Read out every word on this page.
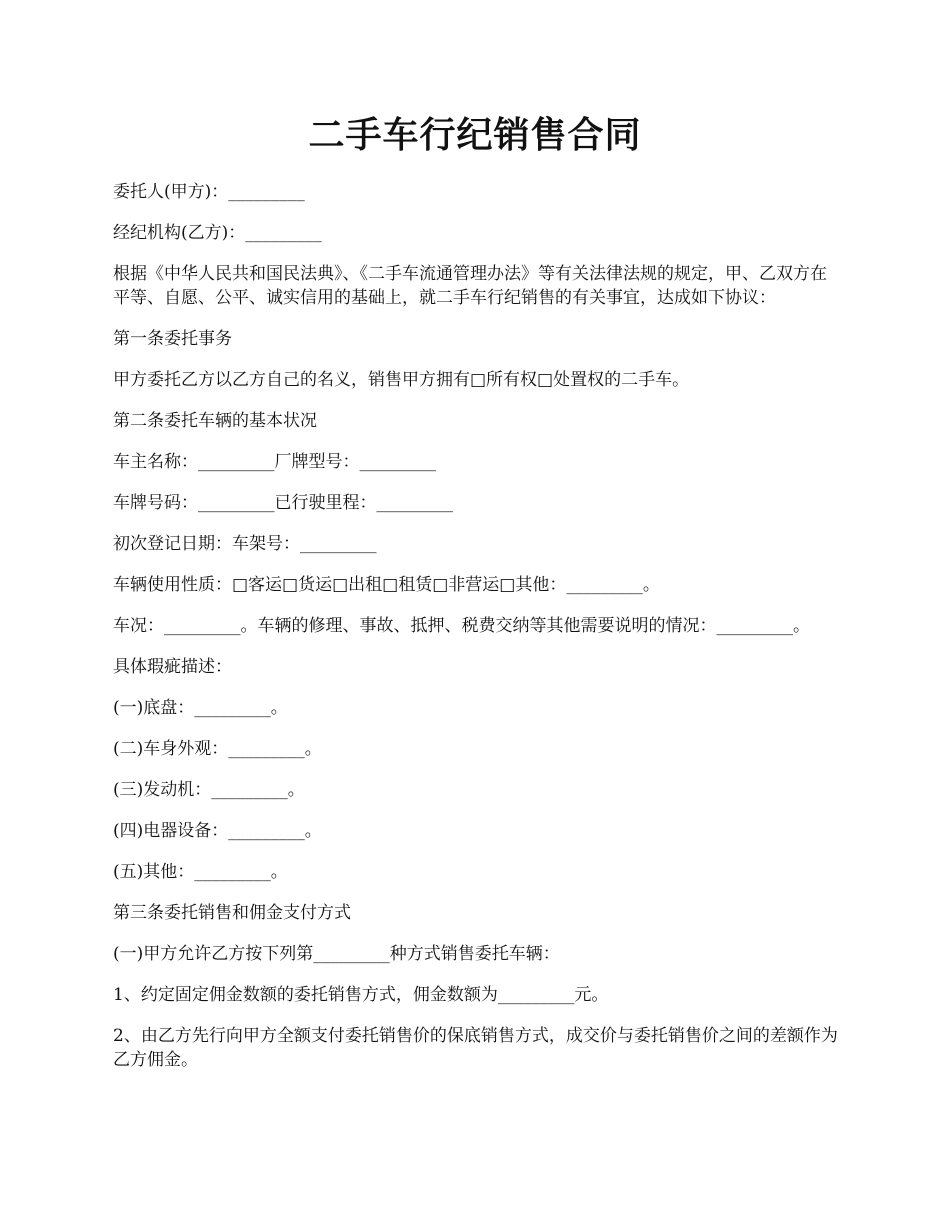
二手车行纪销售合同

委托人(甲方)：_________

经纪机构(乙方)：_________

根据《中华人民共和国民法典》、《二手车流通管理办法》等有关法律法规的规定，甲、乙双方在平等、自愿、公平、诚实信用的基础上，就二手车行纪销售的有关事宜，达成如下协议：

第一条委托事务

甲方委托乙方以乙方自己的名义，销售甲方拥有□所有权□处置权的二手车。

第二条委托车辆的基本状况

车主名称：_________厂牌型号：_________

车牌号码：_________已行驶里程：_________

初次登记日期：车架号：_________

车辆使用性质：□客运□货运□出租□租赁□非营运□其他：_________。

车况：_________。车辆的修理、事故、抵押、税费交纳等其他需要说明的情况：_________。

具体瑕疵描述：

(一)底盘：_________。

(二)车身外观：_________。

(三)发动机：_________。

(四)电器设备：_________。

(五)其他：_________。

第三条委托销售和佣金支付方式

(一)甲方允许乙方按下列第_________种方式销售委托车辆：

1、约定固定佣金数额的委托销售方式，佣金数额为_________元。

2、由乙方先行向甲方全额支付委托销售价的保底销售方式，成交价与委托销售价之间的差额作为乙方佣金。
